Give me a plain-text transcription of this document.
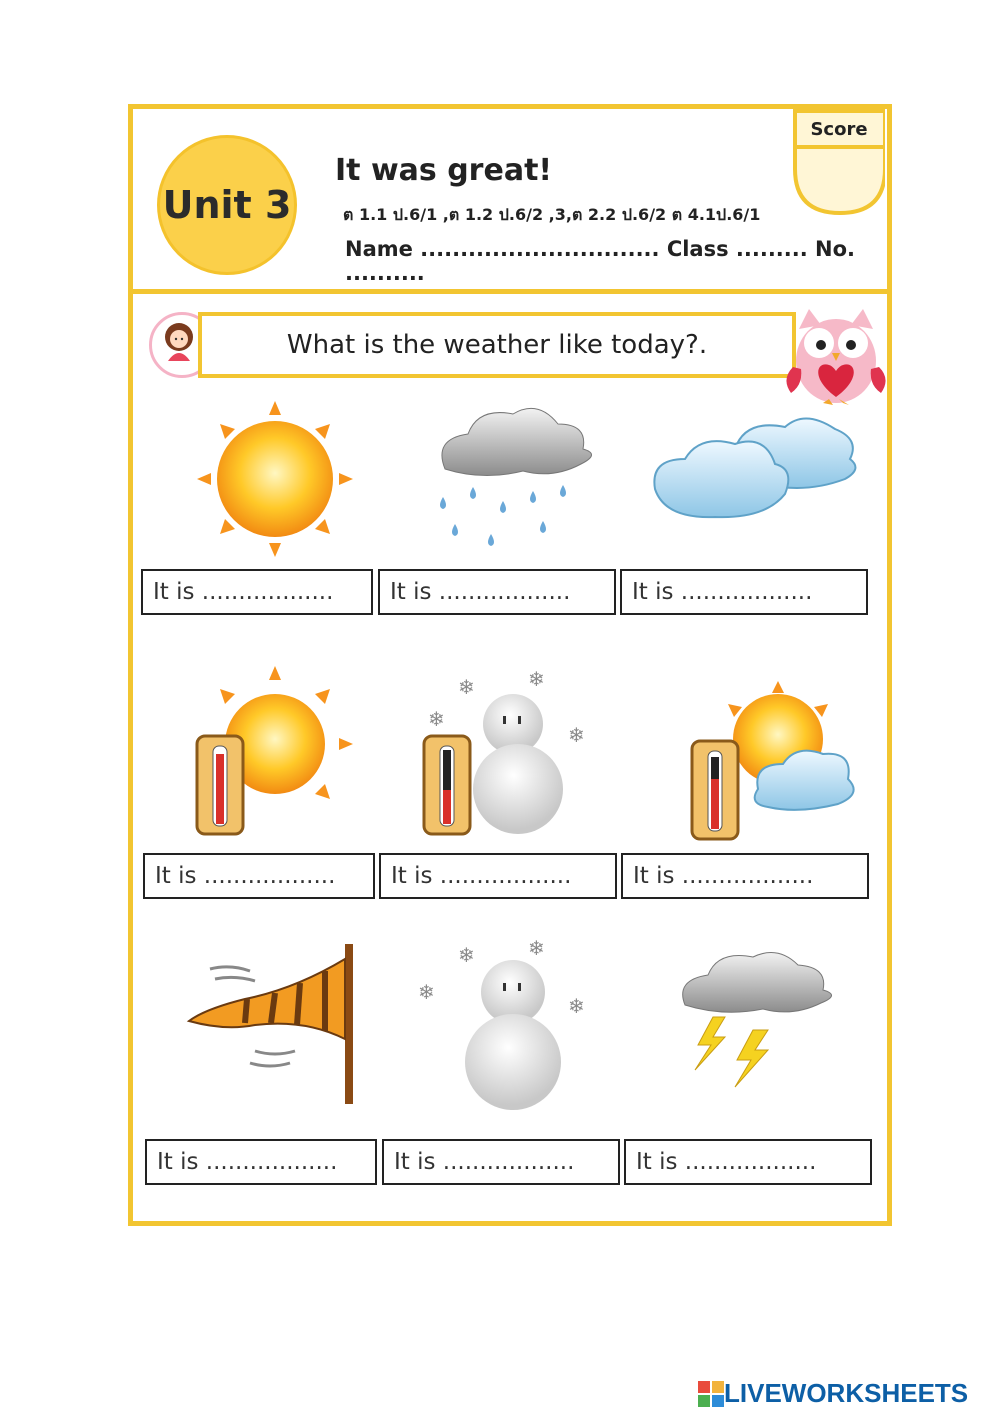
Unit 3
It was great!
ต 1.1 ป.6/1 ,ต 1.2 ป.6/2 ,3,ต 2.2 ป.6/2 ต 4.1ป.6/1
Name .............................. Class ......... No. ..........
Score
What is the weather like today?.
It is ..................	It is ..................	It is ..................
❄	❄
❄
❄
It is ..................	It is ..................	It is ..................
❄	❄
❄
❄
It is ..................	It is ..................	It is ..................
LIVEWORKSHEETS
